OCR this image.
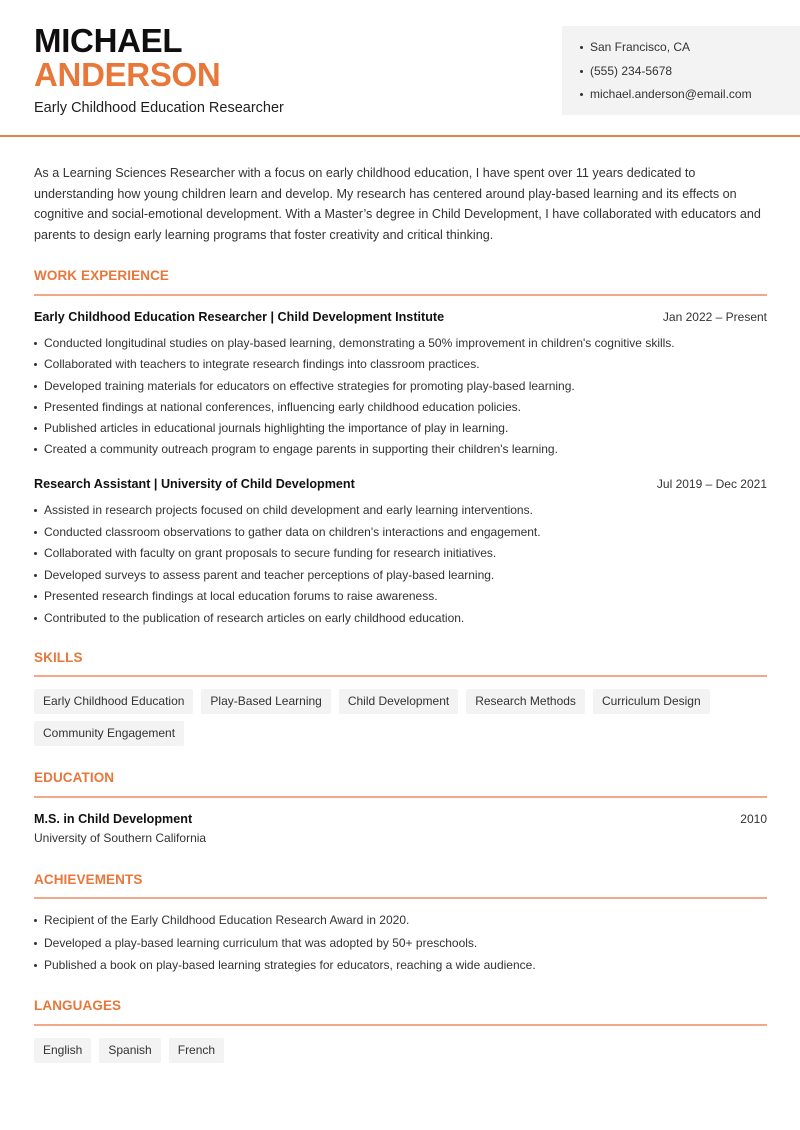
MICHAEL
ANDERSON
Early Childhood Education Researcher
San Francisco, CA
(555) 234-5678
michael.anderson@email.com

As a Learning Sciences Researcher with a focus on early childhood education, I have spent over 11 years dedicated to understanding how young children learn and develop. My research has centered around play-based learning and its effects on cognitive and social-emotional development. With a Master’s degree in Child Development, I have collaborated with educators and parents to design early learning programs that foster creativity and critical thinking.

WORK EXPERIENCE
Early Childhood Education Researcher | Child Development Institute	Jan 2022 – Present
Conducted longitudinal studies on play-based learning, demonstrating a 50% improvement in children's cognitive skills.
Collaborated with teachers to integrate research findings into classroom practices.
Developed training materials for educators on effective strategies for promoting play-based learning.
Presented findings at national conferences, influencing early childhood education policies.
Published articles in educational journals highlighting the importance of play in learning.
Created a community outreach program to engage parents in supporting their children's learning.
Research Assistant | University of Child Development	Jul 2019 – Dec 2021
Assisted in research projects focused on child development and early learning interventions.
Conducted classroom observations to gather data on children's interactions and engagement.
Collaborated with faculty on grant proposals to secure funding for research initiatives.
Developed surveys to assess parent and teacher perceptions of play-based learning.
Presented research findings at local education forums to raise awareness.
Contributed to the publication of research articles on early childhood education.
SKILLS
Early Childhood Education	Play-Based Learning	Child Development	Research Methods	Curriculum Design
Community Engagement
EDUCATION
M.S. in Child Development	2010
University of Southern California
ACHIEVEMENTS
Recipient of the Early Childhood Education Research Award in 2020.
Developed a play-based learning curriculum that was adopted by 50+ preschools.
Published a book on play-based learning strategies for educators, reaching a wide audience.
LANGUAGES
English	Spanish	French
